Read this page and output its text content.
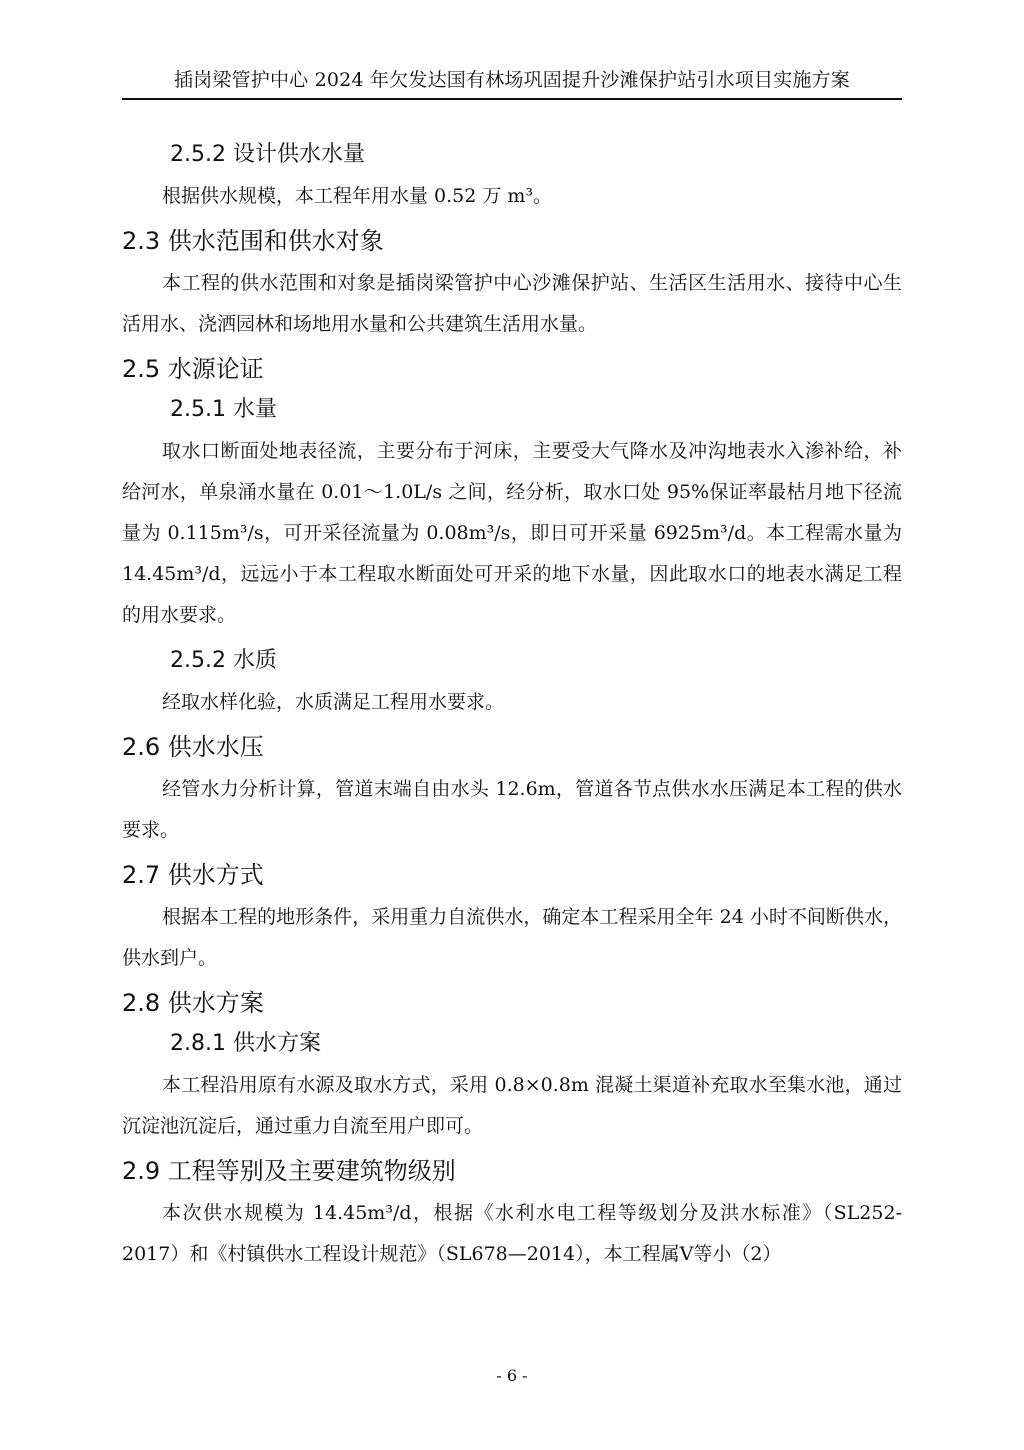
插岗梁管护中心 2024 年欠发达国有林场巩固提升沙滩保护站引水项目实施方案
2.5.2 设计供水水量

根据供水规模，本工程年用水量 0.52 万 m³。

2.3 供水范围和供水对象

本工程的供水范围和对象是插岗梁管护中心沙滩保护站、生活区生活用水、接待中心生活用水、浇洒园林和场地用水量和公共建筑生活用水量。

2.5 水源论证
2.5.1 水量

取水口断面处地表径流，主要分布于河床，主要受大气降水及冲沟地表水入渗补给，补给河水，单泉涌水量在 0.01～1.0L/s 之间，经分析，取水口处 95%保证率最枯月地下径流量为 0.115m³/s，可开采径流量为 0.08m³/s，即日可开采量 6925m³/d。本工程需水量为 14.45m³/d，远远小于本工程取水断面处可开采的地下水量，因此取水口的地表水满足工程的用水要求。

2.5.2 水质

经取水样化验，水质满足工程用水要求。

2.6 供水水压

经管水力分析计算，管道末端自由水头 12.6m，管道各节点供水水压满足本工程的供水要求。

2.7 供水方式

根据本工程的地形条件，采用重力自流供水，确定本工程采用全年 24 小时不间断供水，供水到户。

2.8 供水方案
2.8.1 供水方案

本工程沿用原有水源及取水方式，采用 0.8×0.8m 混凝土渠道补充取水至集水池，通过沉淀池沉淀后，通过重力自流至用户即可。

2.9 工程等别及主要建筑物级别

本次供水规模为 14.45m³/d，根据《水利水电工程等级划分及洪水标准》（SL252-2017）和《村镇供水工程设计规范》（SL678—2014），本工程属Ⅴ等小（2）

- 6 -
